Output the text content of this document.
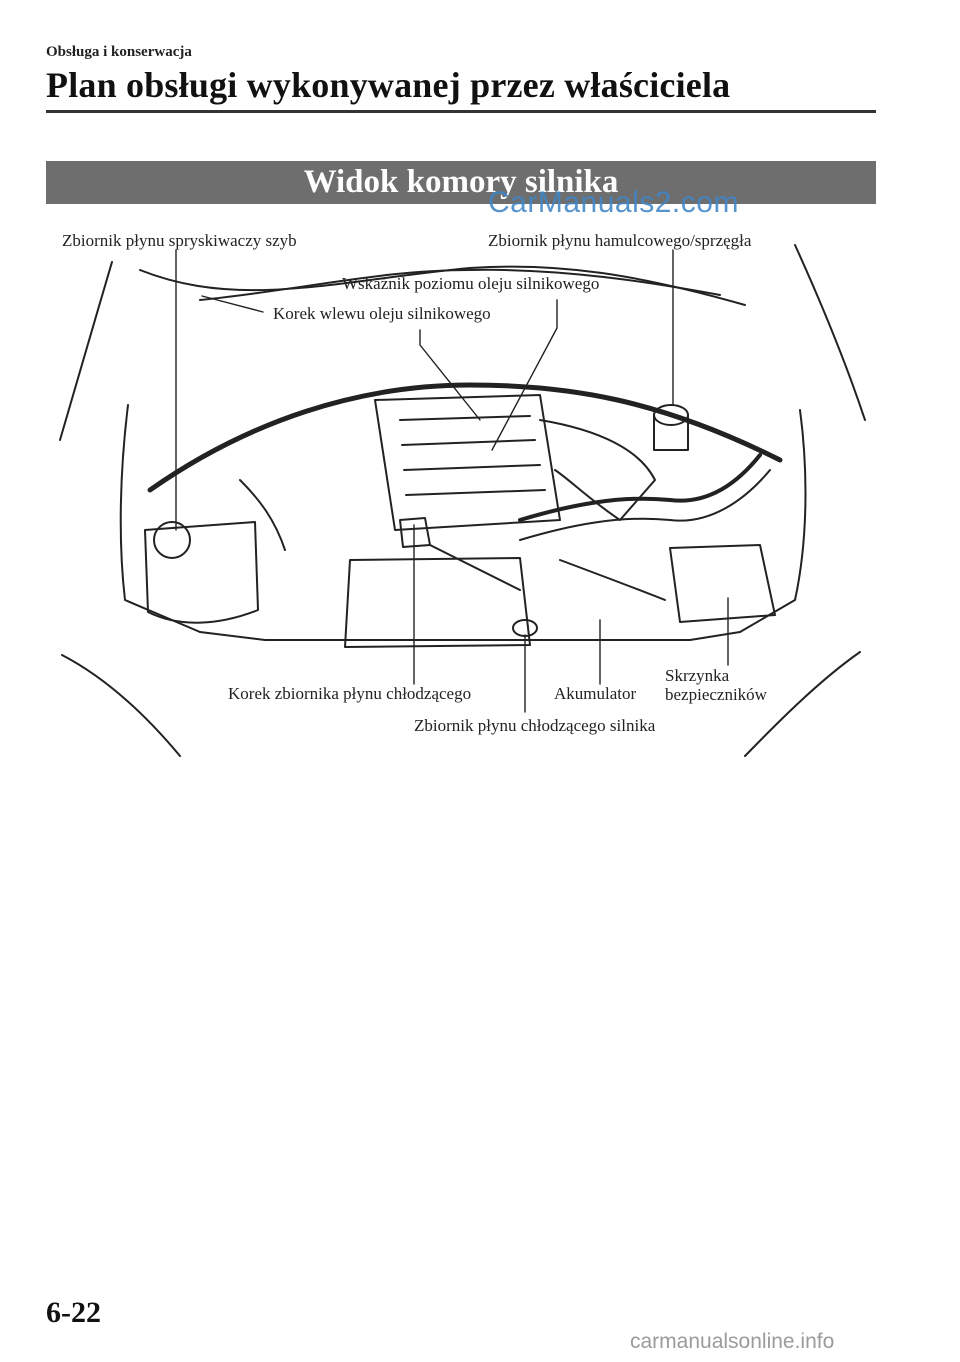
Obsługa i konserwacja
Plan obsługi wykonywanej przez właściciela
Widok komory silnika
CarManuals2.com
Zbiornik płynu spryskiwaczy szyb	Zbiornik płynu hamulcowego/sprzęgła
Wskaźnik poziomu oleju silnikowego
Korek wlewu oleju silnikowego
Korek zbiornika płynu chłodzącego	Akumulator
Skrzynka
bezpieczników
Zbiornik płynu chłodzącego silnika
6-22
carmanualsonline.info
